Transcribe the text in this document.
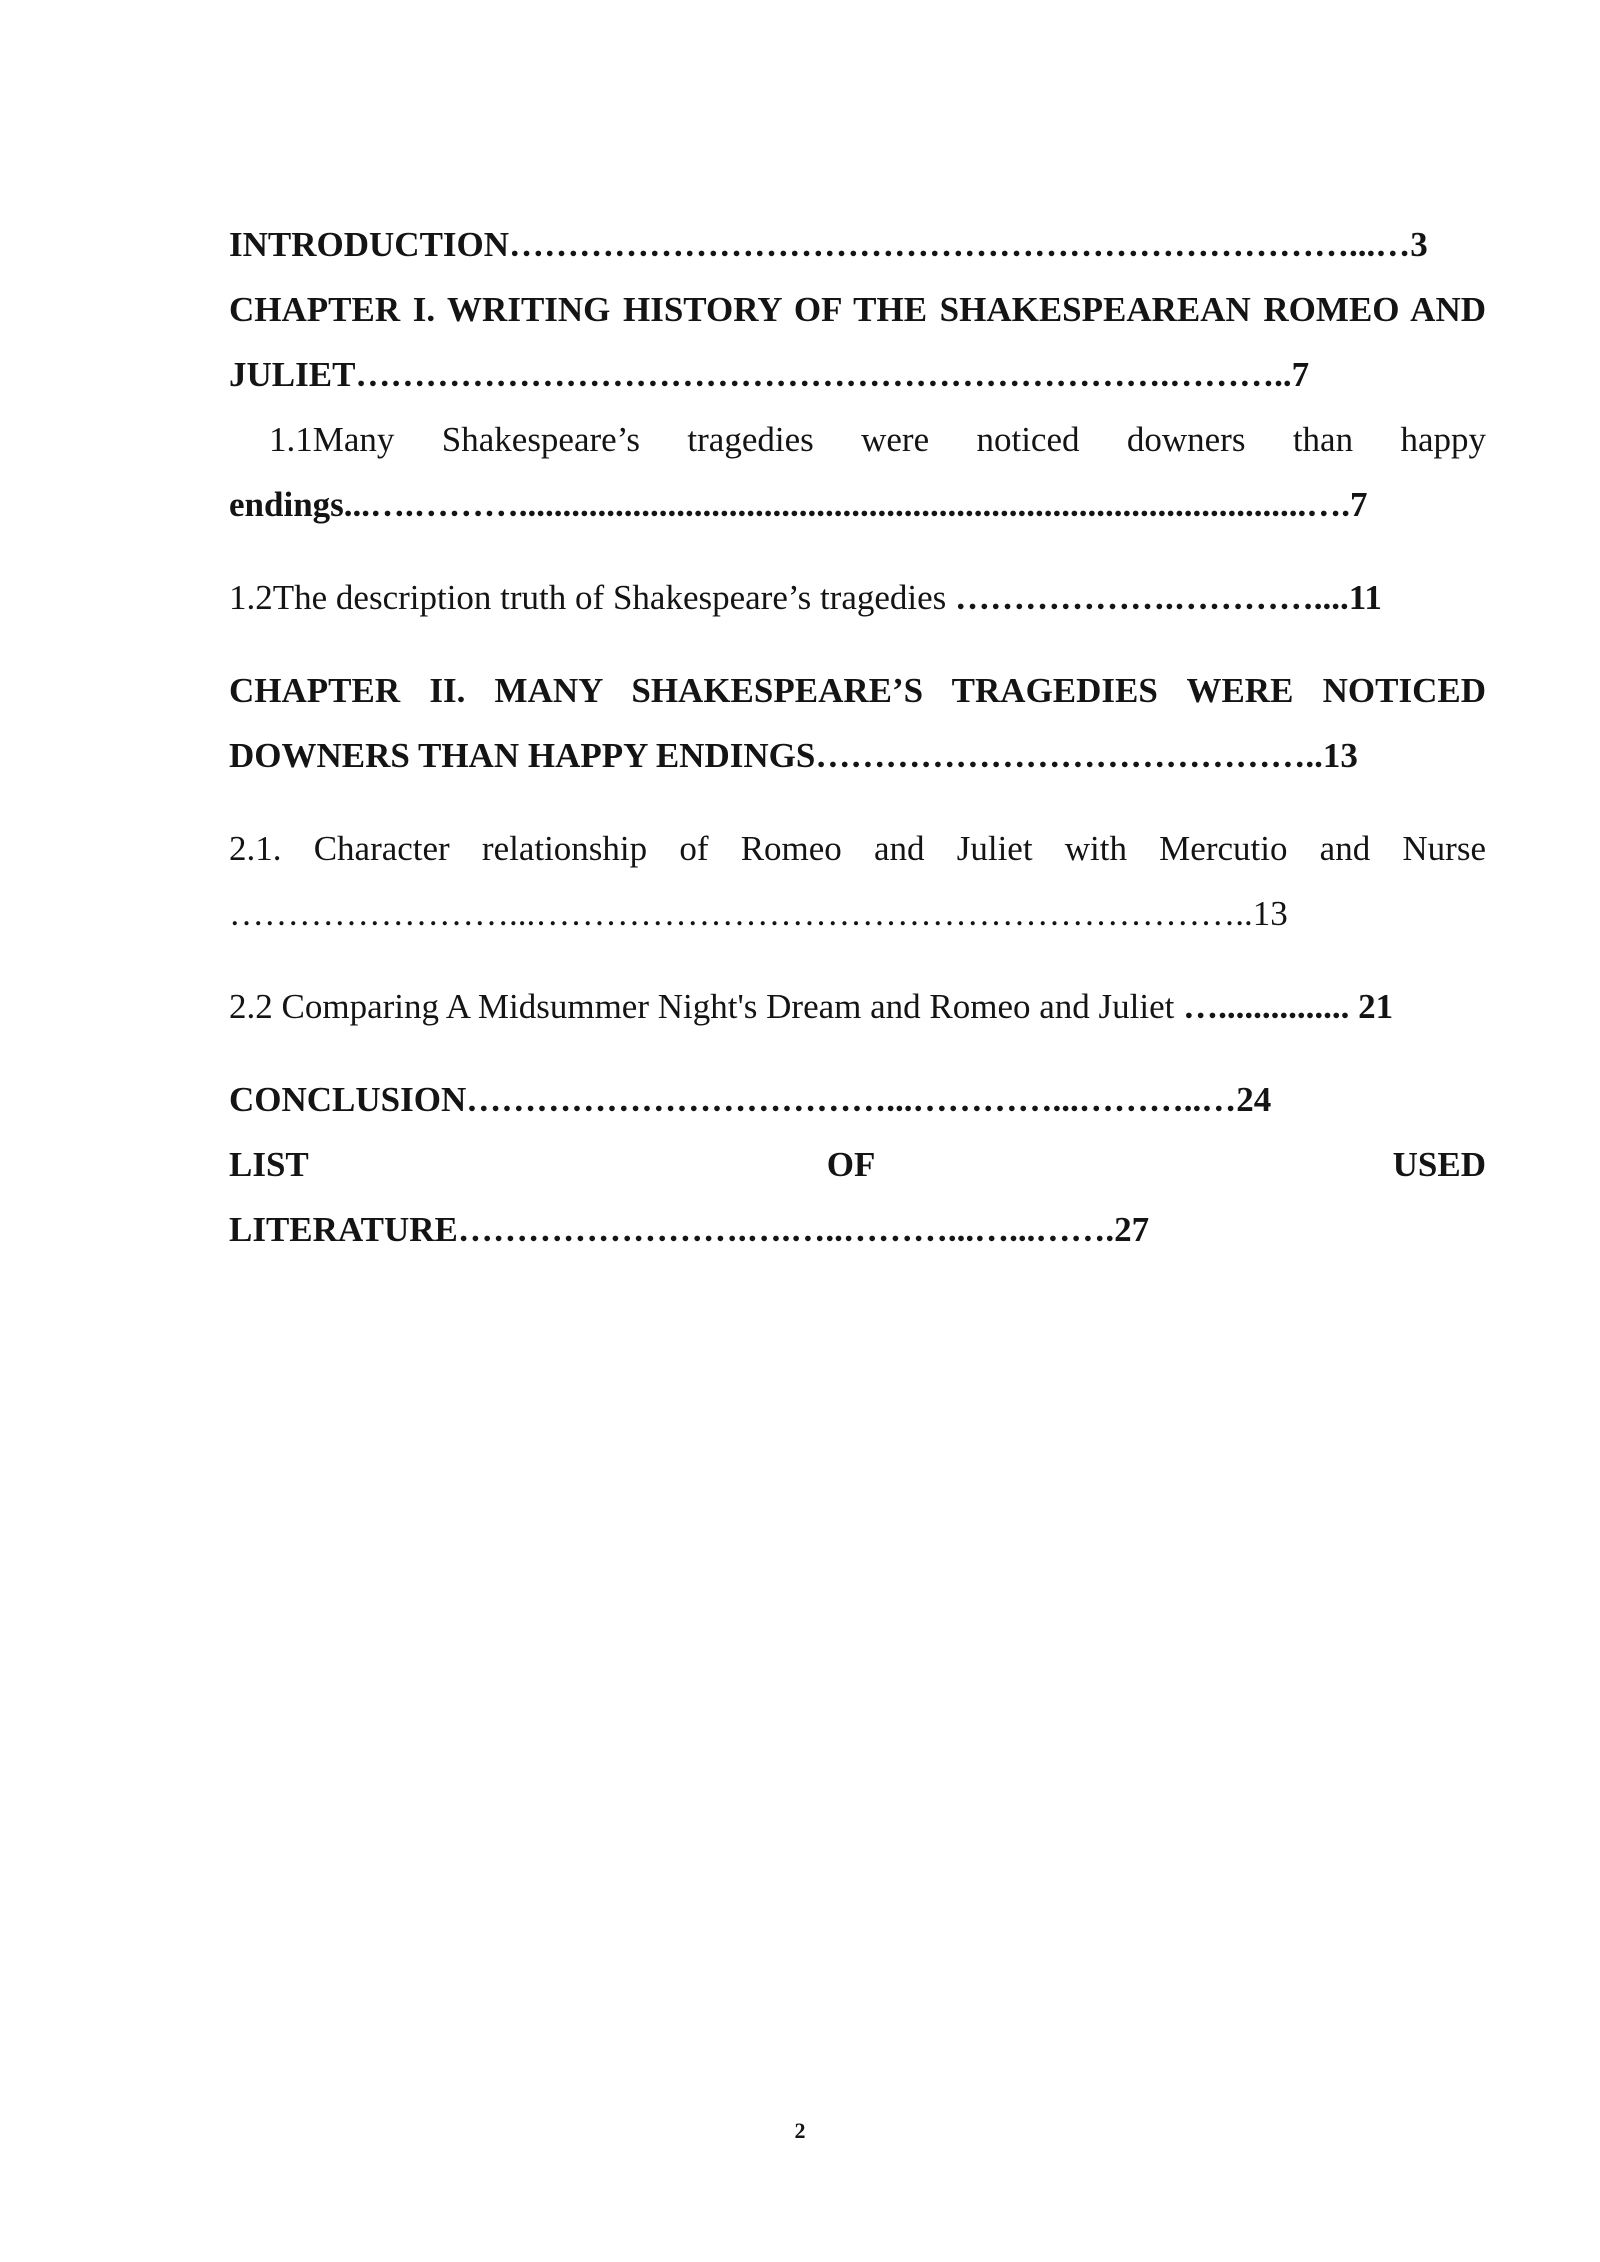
INTRODUCTION………………………………………………………………...…3

CHAPTER I. WRITING HISTORY OF THE SHAKESPEAREAN ROMEO AND JULIET…………………………………………………………….………..7

1.1Many Shakespeare’s tragedies were noticed downers than happy

endings...….………..........................................................................................….7

1.2The description truth of Shakespeare’s tragedies ……………….…………....11

CHAPTER II. MANY SHAKESPEARE’S TRAGEDIES WERE NOTICED DOWNERS THAN HAPPY ENDINGS……………………………………..13

2.1. Character relationship of Romeo and Juliet with Mercutio and Nurse

……………………...……………………………………………………..13

2.2 Comparing A Midsummer Night's Dream and Romeo and Juliet …............... 21

CONCLUSION………………………………...…………...………..…24

LIST OF USED

LITERATURE…………………….….…..………...…...…….27

2
